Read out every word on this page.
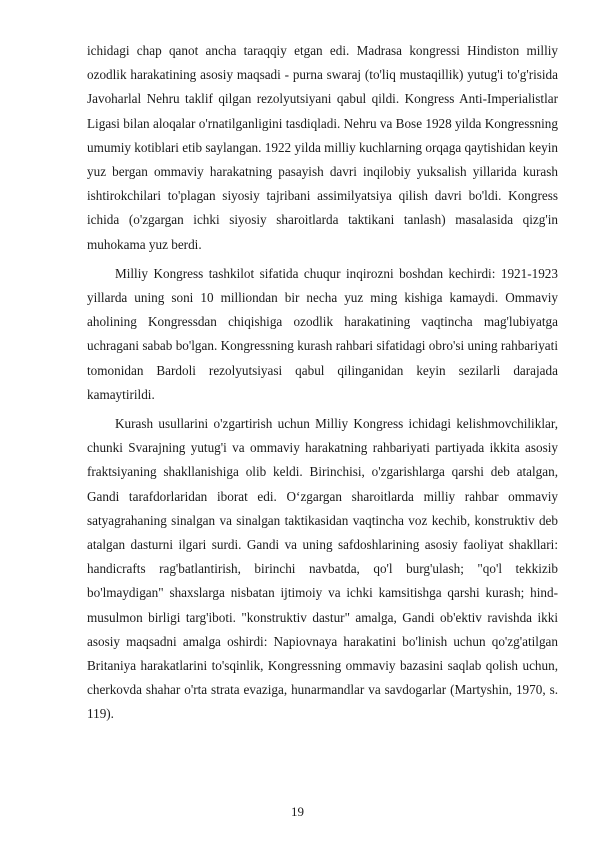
ichidagi chap qanot ancha taraqqiy etgan edi. Madrasa kongressi Hindiston milliy ozodlik harakatining asosiy maqsadi - purna swaraj (to'liq mustaqillik) yutug'i to'g'risida Javoharlal Nehru taklif qilgan rezolyutsiyani qabul qildi. Kongress Anti-Imperialistlar Ligasi bilan aloqalar o'rnatilganligini tasdiqladi. Nehru va Bose 1928 yilda Kongressning umumiy kotiblari etib saylangan. 1922 yilda milliy kuchlarning orqaga qaytishidan keyin yuz bergan ommaviy harakatning pasayish davri inqilobiy yuksalish yillarida kurash ishtirokchilari to'plagan siyosiy tajribani assimilyatsiya qilish davri bo'ldi. Kongress ichida (o'zgargan ichki siyosiy sharoitlarda taktikani tanlash) masalasida qizg'in muhokama yuz berdi.

Milliy Kongress tashkilot sifatida chuqur inqirozni boshdan kechirdi: 1921-1923 yillarda uning soni 10 milliondan bir necha yuz ming kishiga kamaydi. Ommaviy aholining Kongressdan chiqishiga ozodlik harakatining vaqtincha mag'lubiyatga uchragani sabab bo'lgan. Kongressning kurash rahbari sifatidagi obro'si uning rahbariyati tomonidan Bardoli rezolyutsiyasi qabul qilinganidan keyin sezilarli darajada kamaytirildi.

Kurash usullarini o'zgartirish uchun Milliy Kongress ichidagi kelishmovchiliklar, chunki Svarajning yutug'i va ommaviy harakatning rahbariyati partiyada ikkita asosiy fraktsiyaning shakllanishiga olib keldi. Birinchisi, o'zgarishlarga qarshi deb atalgan, Gandi tarafdorlaridan iborat edi. O‘zgargan sharoitlarda milliy rahbar ommaviy satyagrahaning sinalgan va sinalgan taktikasidan vaqtincha voz kechib, konstruktiv deb atalgan dasturni ilgari surdi. Gandi va uning safdoshlarining asosiy faoliyat shakllari: handicrafts rag'batlantirish, birinchi navbatda, qo'l burg'ulash; "qo'l tekkizib bo'lmaydigan" shaxslarga nisbatan ijtimoiy va ichki kamsitishga qarshi kurash; hind-musulmon birligi targ'iboti. "konstruktiv dastur" amalga, Gandi ob'ektiv ravishda ikki asosiy maqsadni amalga oshirdi: Napiovnaya harakatini bo'linish uchun qo'zg'atilgan Britaniya harakatlarini to'sqinlik, Kongressning ommaviy bazasini saqlab qolish uchun, cherkovda shahar o'rta strata evaziga, hunarmandlar va savdogarlar (Martyshin, 1970, s. 119).

19
